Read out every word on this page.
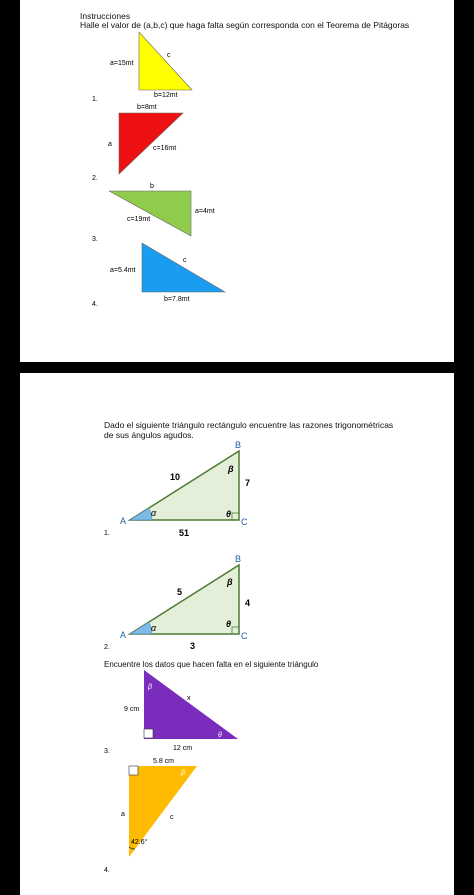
Instrucciones
Halle el valor de (a,b,c) que haga falta según corresponda con el Teorema de Pitágoras
a=15mt
c
b=12mt
1.
b=8mt
a
c=16mt
2.
b
a=4mt
c=19mt
3.
c
a=5.4mt
b=7.8mt
4.
Dado el siguiente triángulo rectángulo encuentre las razones trigonométricas de sus ángulos agudos.
Encuentre los datos que hacen falta en el siguiente triángulo
A
B
C
10
7
51
α
β
θ
1.
A
B
C
5
4
3
α
β
θ
2.
β
θ
9 cm
x
12 cm
3.
5.8 cm
β
a	c
42.6°
4.
